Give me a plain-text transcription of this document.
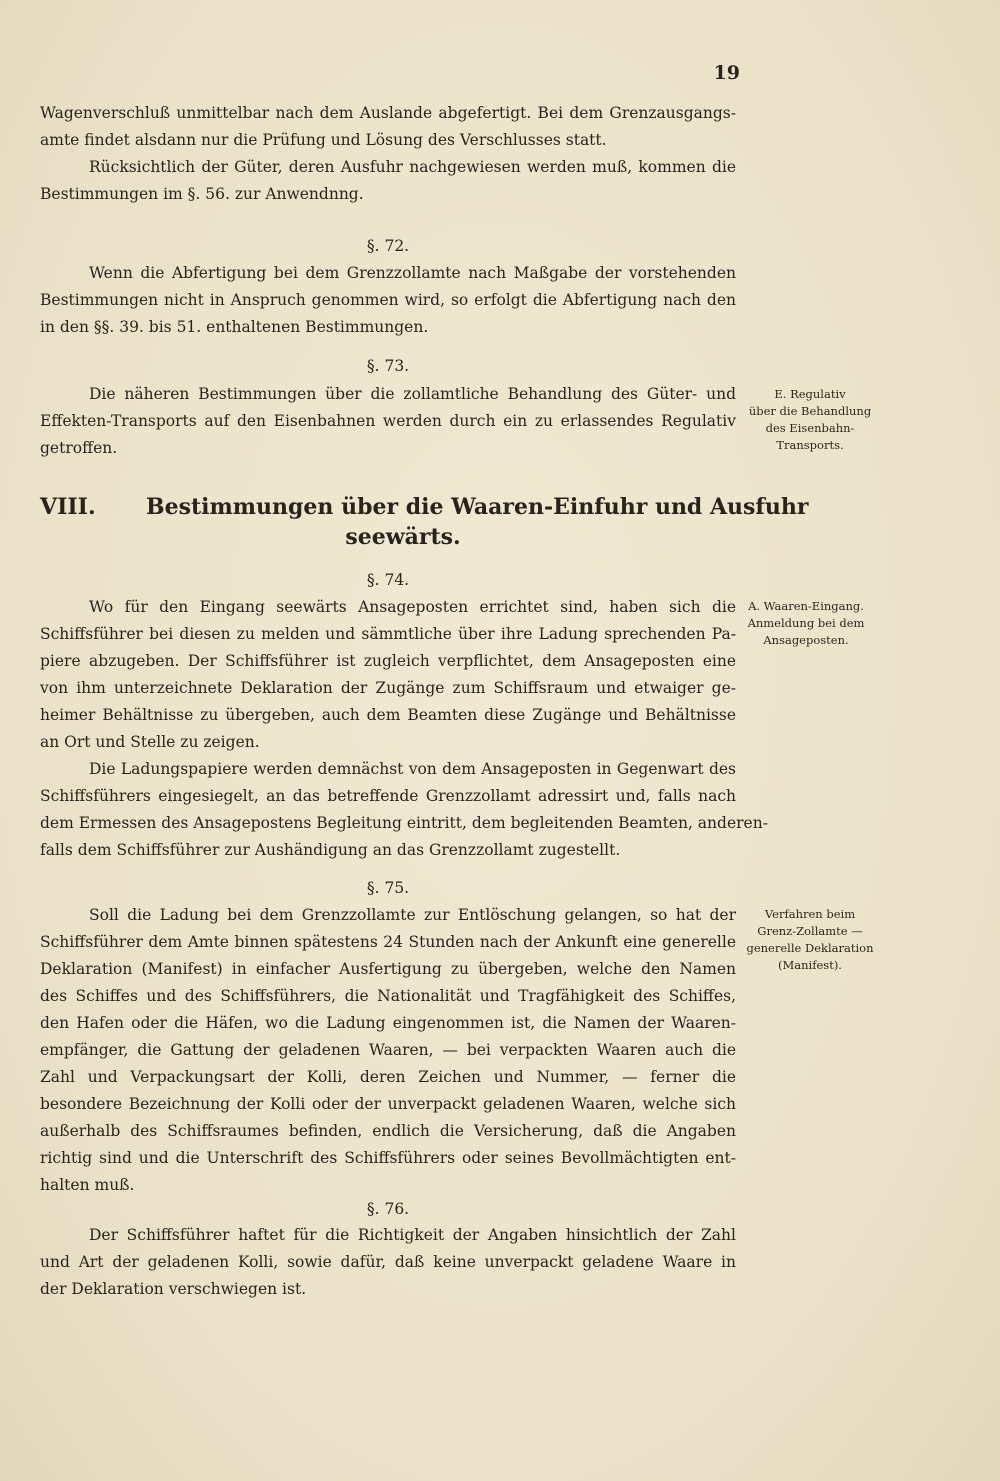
19
Wagenverschluß unmittelbar nach dem Auslande abgefertigt. Bei dem Grenzausgangs-
amte findet alsdann nur die Prüfung und Lösung des Verschlusses statt.
Rücksichtlich der Güter, deren Ausfuhr nachgewiesen werden muß, kommen die
Bestimmungen im §. 56. zur Anwendnng.
§. 72.
Wenn die Abfertigung bei dem Grenzzollamte nach Maßgabe der vorstehenden
Bestimmungen nicht in Anspruch genommen wird, so erfolgt die Abfertigung nach den
in den §§. 39. bis 51. enthaltenen Bestimmungen.
§. 73.
Die näheren Bestimmungen über die zollamtliche Behandlung des Güter- und
Effekten-Transports auf den Eisenbahnen werden durch ein zu erlassendes Regulativ
getroffen.
E. Regulativ
über die Behandlung
des Eisenbahn-
Transports.
VIII. Bestimmungen über die Waaren-Einfuhr und Ausfuhr
seewärts.
§. 74.
Wo für den Eingang seewärts Ansageposten errichtet sind, haben sich die
Schiffsführer bei diesen zu melden und sämmtliche über ihre Ladung sprechenden Pa-
piere abzugeben. Der Schiffsführer ist zugleich verpflichtet, dem Ansageposten eine
von ihm unterzeichnete Deklaration der Zugänge zum Schiffsraum und etwaiger ge-
heimer Behältnisse zu übergeben, auch dem Beamten diese Zugänge und Behältnisse
an Ort und Stelle zu zeigen.
Die Ladungspapiere werden demnächst von dem Ansageposten in Gegenwart des
Schiffsführers eingesiegelt, an das betreffende Grenzzollamt adressirt und, falls nach
dem Ermessen des Ansagepostens Begleitung eintritt, dem begleitenden Beamten, anderen-
falls dem Schiffsführer zur Aushändigung an das Grenzzollamt zugestellt.
A. Waaren-Eingang.
Anmeldung bei dem
Ansageposten.
§. 75.
Soll die Ladung bei dem Grenzzollamte zur Entlöschung gelangen, so hat der
Schiffsführer dem Amte binnen spätestens 24 Stunden nach der Ankunft eine generelle
Deklaration (Manifest) in einfacher Ausfertigung zu übergeben, welche den Namen
des Schiffes und des Schiffsführers, die Nationalität und Tragfähigkeit des Schiffes,
den Hafen oder die Häfen, wo die Ladung eingenommen ist, die Namen der Waaren-
empfänger, die Gattung der geladenen Waaren, — bei verpackten Waaren auch die
Zahl und Verpackungsart der Kolli, deren Zeichen und Nummer, — ferner die
besondere Bezeichnung der Kolli oder der unverpackt geladenen Waaren, welche sich
außerhalb des Schiffsraumes befinden, endlich die Versicherung, daß die Angaben
richtig sind und die Unterschrift des Schiffsführers oder seines Bevollmächtigten ent-
halten muß.
Verfahren beim
Grenz-Zollamte —
generelle Deklaration
(Manifest).
§. 76.
Der Schiffsführer haftet für die Richtigkeit der Angaben hinsichtlich der Zahl
und Art der geladenen Kolli, sowie dafür, daß keine unverpackt geladene Waare in
der Deklaration verschwiegen ist.
